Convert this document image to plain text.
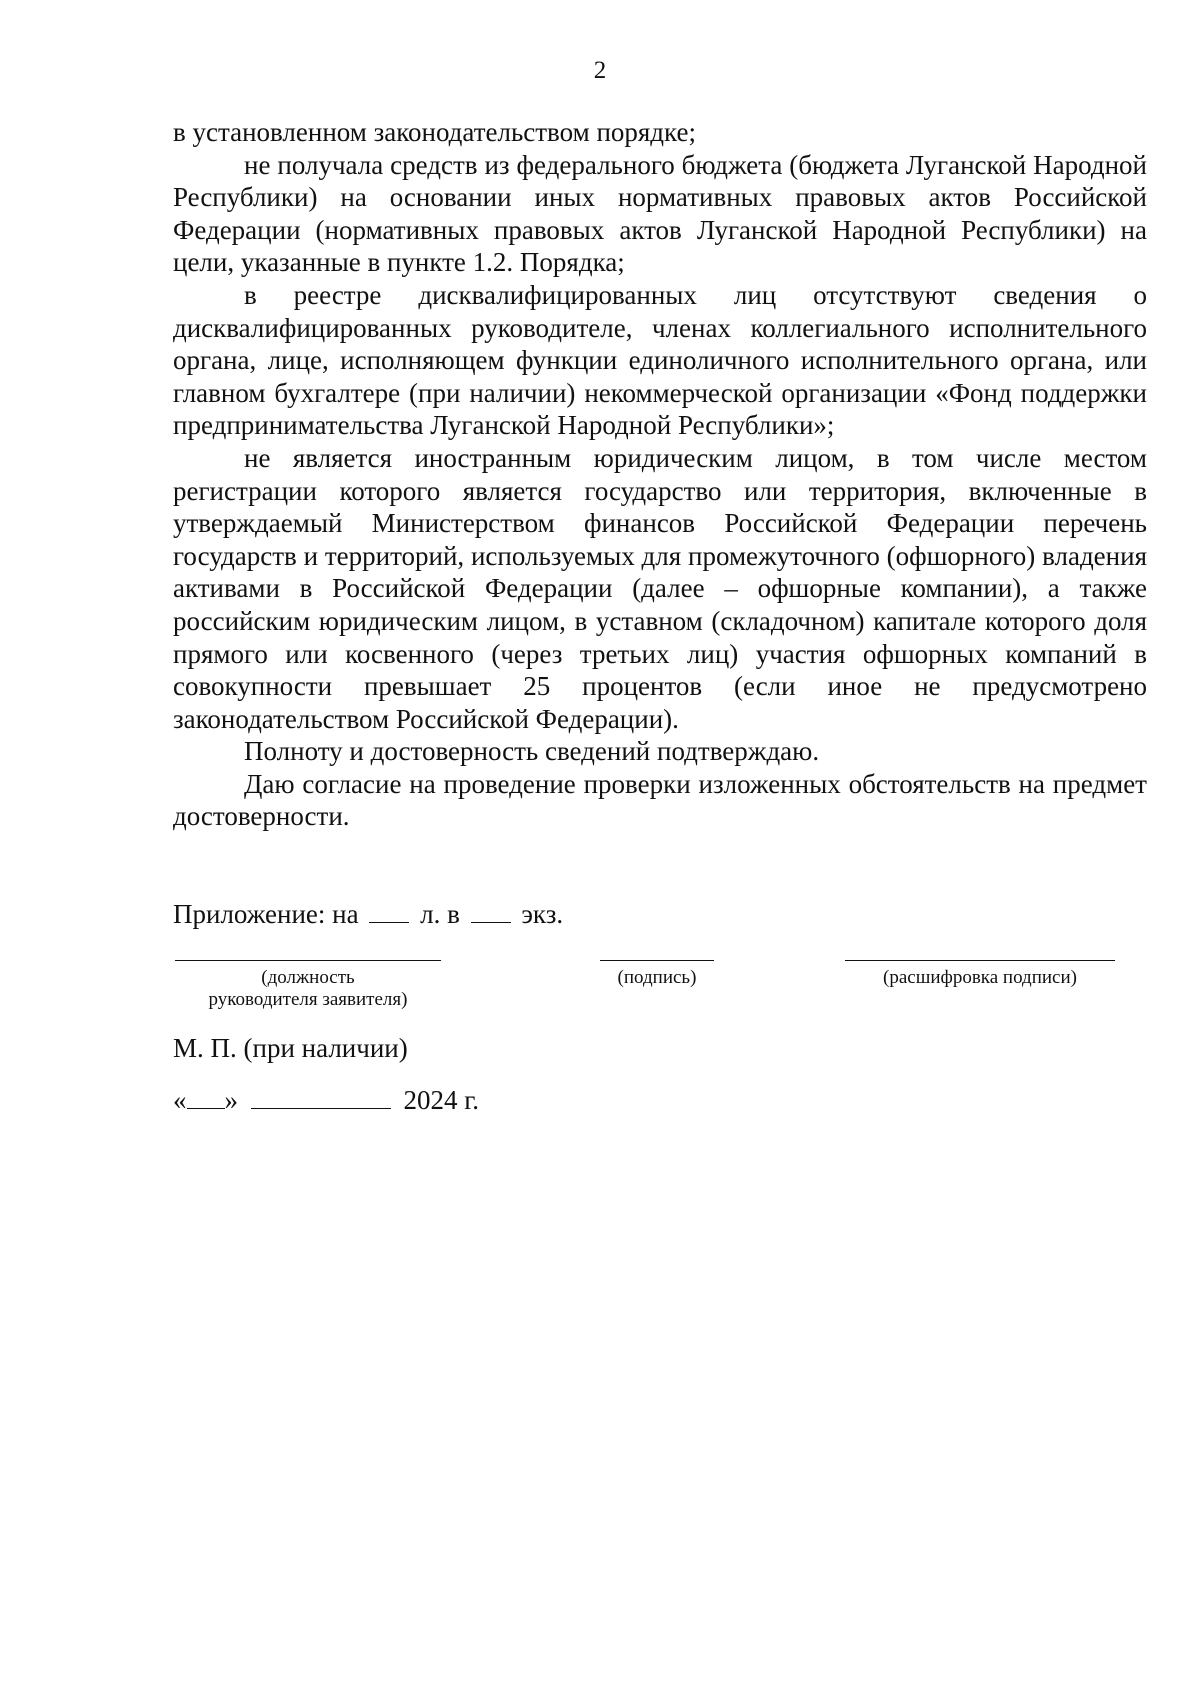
2

в установленном законодательством порядке;

не получала средств из федерального бюджета (бюджета Луганской Народной Республики) на основании иных нормативных правовых актов Российской Федерации (нормативных правовых актов Луганской Народной Республики) на цели, указанные в пункте 1.2. Порядка;

в реестре дисквалифицированных лиц отсутствуют сведения о дисквалифицированных руководителе, членах коллегиального исполнительного органа, лице, исполняющем функции единоличного исполнительного органа, или главном бухгалтере (при наличии) некоммерческой организации «Фонд поддержки предпринимательства Луганской Народной Республики»;

не является иностранным юридическим лицом, в том числе местом регистрации которого является государство или территория, включенные в утверждаемый Министерством финансов Российской Федерации перечень государств и территорий, используемых для промежуточного (офшорного) владения активами в Российской Федерации (далее – офшорные компании), а также российским юридическим лицом, в уставном (складочном) капитале которого доля прямого или косвенного (через третьих лиц) участия офшорных компаний в совокупности превышает 25 процентов (если иное не предусмотрено законодательством Российской Федерации).

Полноту и достоверность сведений подтверждаю.

Даю согласие на проведение проверки изложенных обстоятельств на предмет достоверности.

Приложение: на л. в экз.
(должность
руководителя заявителя)
(подпись)	(расшифровка подписи)
М. П. (при наличии)
« »	2024 г.
